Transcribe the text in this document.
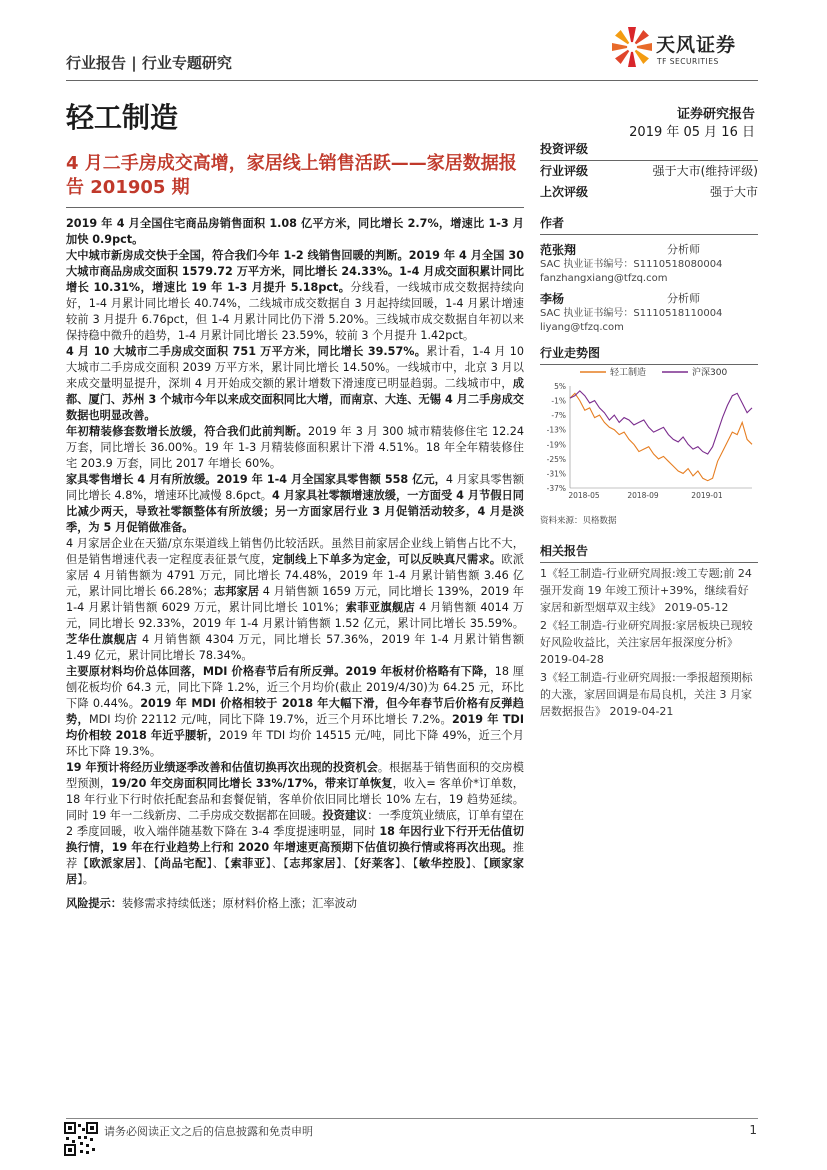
行业报告 | 行业专题研究
天风证券
TF SECURITIES
轻工制造	证券研究报告
2019 年 05 月 16 日
4 月二手房成交高增，家居线上销售活跃——家居数据报告 201905 期

2019 年 4 月全国住宅商品房销售面积 1.08 亿平方米，同比增长 2.7%，增速比 1-3 月加快 0.9pct。

大中城市新房成交快于全国，符合我们今年 1-2 线销售回暖的判断。2019 年 4 月全国 30 大城市商品房成交面积 1579.72 万平方米，同比增长 24.33%。1-4 月成交面积累计同比增长 10.31%，增速比 19 年 1-3 月提升 5.18pct。分线看，一线城市成交数据持续向好，1-4 月累计同比增长 40.74%，二线城市成交数据自 3 月起持续回暖，1-4 月累计增速较前 3 月提升 6.76pct，但 1-4 月累计同比仍下滑 5.20%。三线城市成交数据自年初以来保持稳中微升的趋势，1-4 月累计同比增长 23.59%，较前 3 个月提升 1.42pct。

4 月 10 大城市二手房成交面积 751 万平方米，同比增长 39.57%。累计看，1-4 月 10 大城市二手房成交面积 2039 万平方米，累计同比增长 14.50%。一线城市中，北京 3 月以来成交量明显提升，深圳 4 月开始成交额的累计增数下滑速度已明显趋弱。二线城市中，成都、厦门、苏州 3 个城市今年以来成交面积同比大增，而南京、大连、无锡 4 月二手房成交数据也明显改善。

年初精装修套数增长放缓，符合我们此前判断。2019 年 3 月 300 城市精装修住宅 12.24 万套，同比增长 36.00%。19 年 1-3 月精装修面积累计下滑 4.51%。18 年全年精装修住宅 203.9 万套，同比 2017 年增长 60%。

家具零售增长 4 月有所放缓。2019 年 1-4 月全国家具零售额 558 亿元，4 月家具零售额同比增长 4.8%，增速环比减慢 8.6pct。4 月家具社零额增速放缓，一方面受 4 月节假日同比减少两天，导致社零额整体有所放缓；另一方面家居行业 3 月促销活动较多，4 月是淡季，为 5 月促销做准备。

4 月家居企业在天猫/京东渠道线上销售仍比较活跃。虽然目前家居企业线上销售占比不大，但是销售增速代表一定程度表征景气度，定制线上下单多为定金，可以反映真尺需求。欧派家居 4 月销售额为 4791 万元，同比增长 74.48%，2019 年 1-4 月累计销售额 3.46 亿元，累计同比增长 66.28%；志邦家居 4 月销售额 1659 万元，同比增长 139%，2019 年 1-4 月累计销售额 6029 万元，累计同比增长 101%；索菲亚旗舰店 4 月销售额 4014 万元，同比增长 92.33%，2019 年 1-4 月累计销售额 1.52 亿元，累计同比增长 35.59%。芝华仕旗舰店 4 月销售额 4304 万元，同比增长 57.36%，2019 年 1-4 月累计销售额 1.49 亿元，累计同比增长 78.34%。

主要原材料均价总体回落，MDI 价格春节后有所反弹。2019 年板材价格略有下降，18 厘刨花板均价 64.3 元，同比下降 1.2%，近三个月均价(截止 2019/4/30)为 64.25 元，环比下降 0.44%。2019 年 MDI 价格相较于 2018 年大幅下滑，但今年春节后价格有反弹趋势，MDI 均价 22112 元/吨，同比下降 19.7%，近三个月环比增长 7.2%。2019 年 TDI 均价相较 2018 年近乎腰斩，2019 年 TDI 均价 14515 元/吨，同比下降 49%，近三个月环比下降 19.3%。

19 年预计将经历业绩逐季改善和估值切换再次出现的投资机会。根据基于销售面积的交房模型预测，19/20 年交房面积同比增长 33%/17%，带来订单恢复，收入= 客单价*订单数，18 年行业下行时依托配套品和套餐促销，客单价依旧同比增长 10% 左右，19 趋势延续。同时 19 年一二线新房、二手房成交数据都在回暖。投资建议：一季度筑业绩底，订单有望在 2 季度回暖，收入端伴随基数下降在 3-4 季度提速明显，同时 18 年因行业下行开无估值切换行情，19 年在行业趋势上行和 2020 年增速更高预期下估值切换行情或将再次出现。推荐【欧派家居】、【尚品宅配】、【索菲亚】、【志邦家居】、【好莱客】、【敏华控股】、【顾家家居】。

风险提示：装修需求持续低迷；原材料价格上涨；汇率波动

投资评级
行业评级	强于大市(维持评级)
上次评级	强于大市
作者
范张翔	分析师
SAC 执业证书编号：S1110518080004
fanzhangxiang@tfzq.com
李杨	分析师
SAC 执业证书编号：S1110518110004
liyang@tfzq.com
行业走势图
轻工制造	沪深300
5%
-1%
-7%
-13%
-19%
-25%
-31%
-37%
2018-05	2018-09	2019-01
资料来源：贝格数据
相关报告
1《轻工制造-行业研究周报:竣工专题;前 24 强开发商 19 年竣工预计+39%，继续看好家居和新型烟草双主线》 2019-05-12
2《轻工制造-行业研究周报:家居板块已现较好风险收益比，关注家居年报深度分析》 2019-04-28
3《轻工制造-行业研究周报:一季报超预期标的大涨，家居回调是布局良机，关注 3 月家居数据报告》 2019-04-21
请务必阅读正文之后的信息披露和免责申明	1
